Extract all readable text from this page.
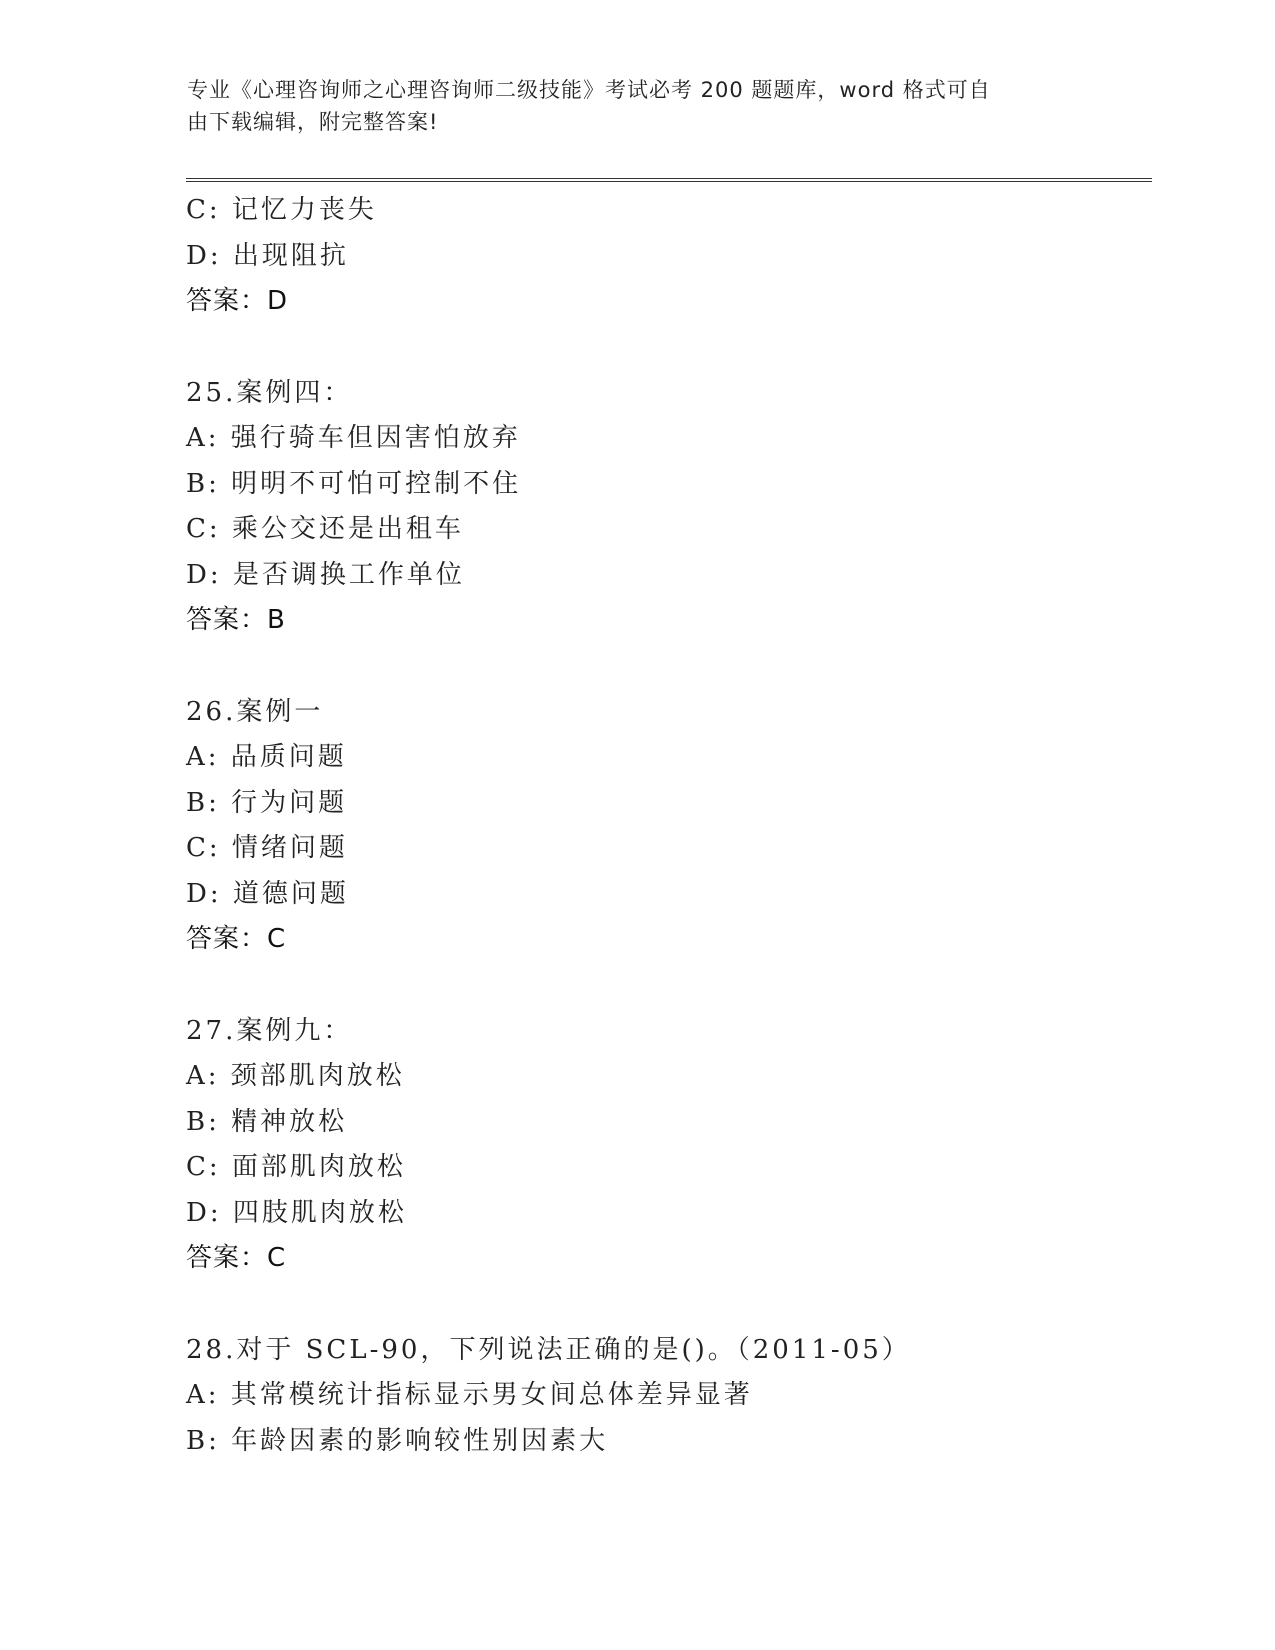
专业《心理咨询师之心理咨询师二级技能》考试必考 200 题题库，word 格式可自
由下载编辑，附完整答案!
C: 记忆力丧失
D: 出现阻抗
答案：D
25.案例四：
A: 强行骑车但因害怕放弃
B: 明明不可怕可控制不住
C: 乘公交还是出租车
D: 是否调换工作单位
答案：B
26.案例一
A: 品质问题
B: 行为问题
C: 情绪问题
D: 道德问题
答案：C
27.案例九：
A: 颈部肌肉放松
B: 精神放松
C: 面部肌肉放松
D: 四肢肌肉放松
答案：C
28.对于 SCL-90，下列说法正确的是()。（2011-05）
A: 其常模统计指标显示男女间总体差异显著
B: 年龄因素的影响较性别因素大
